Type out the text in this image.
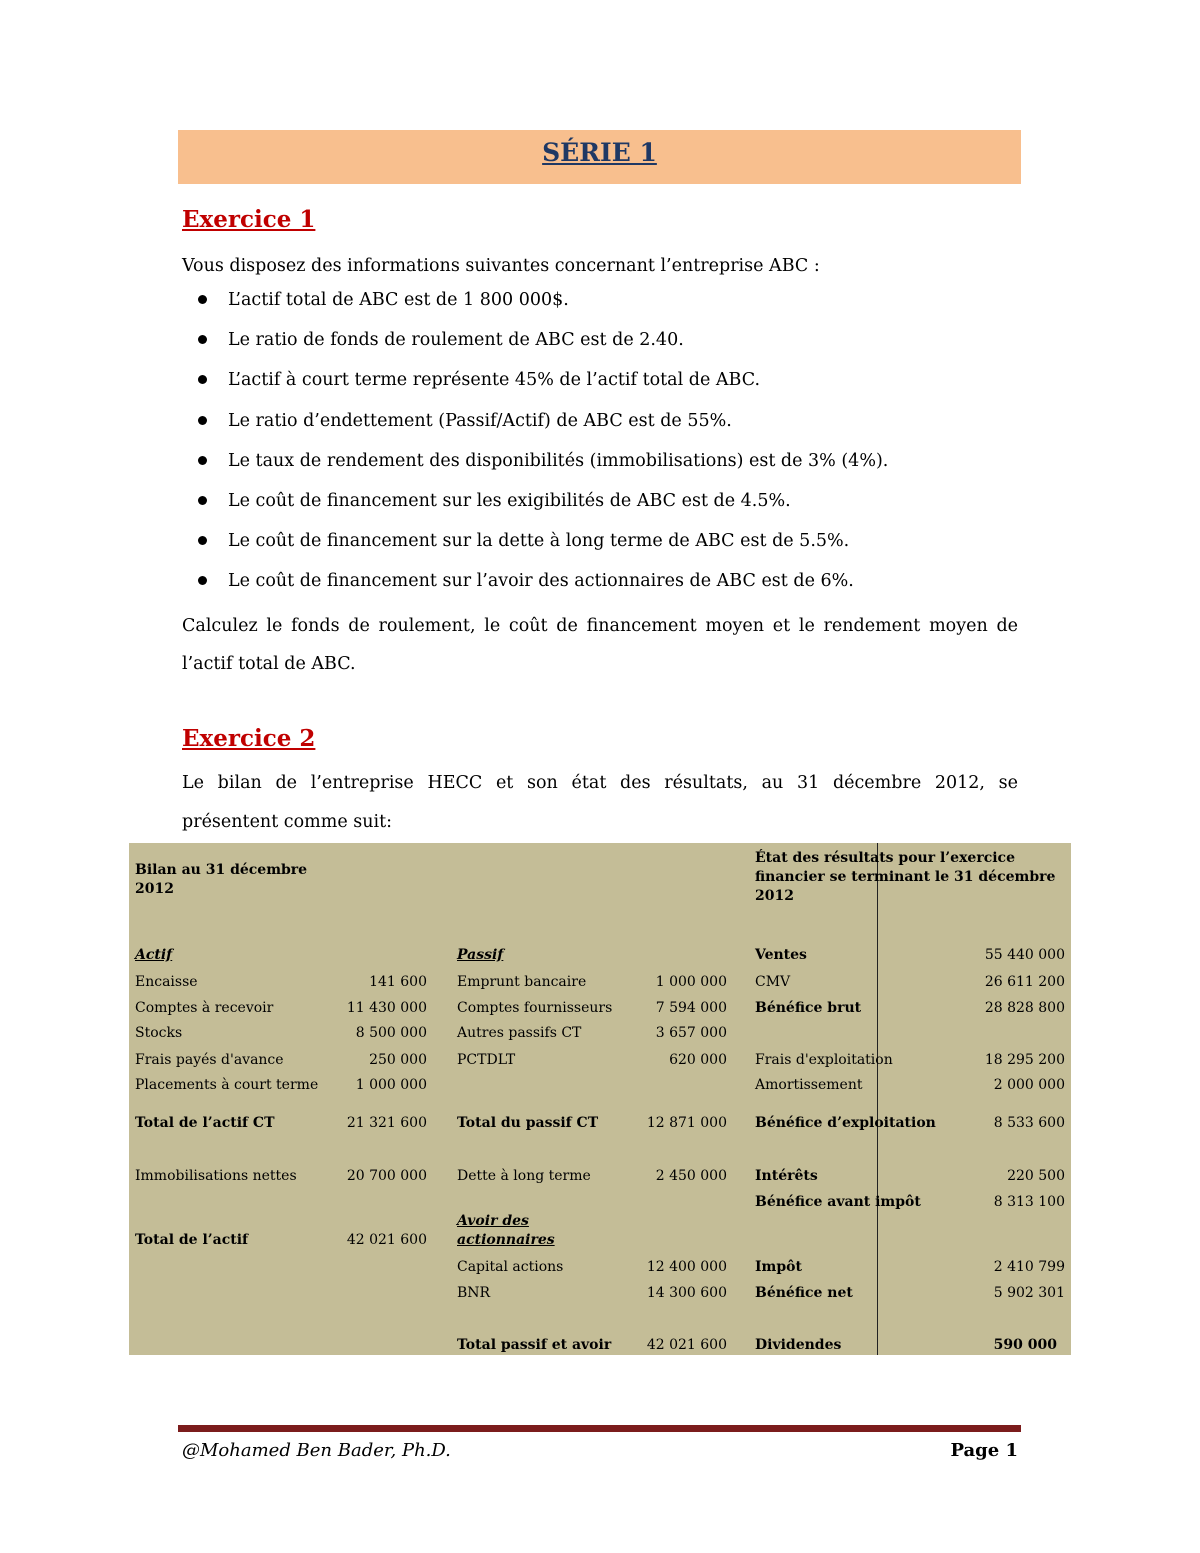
SÉRIE 1
Exercice 1
Vous disposez des informations suivantes concernant l’entreprise ABC :
L’actif total de ABC est de 1 800 000$.
Le ratio de fonds de roulement de ABC est de 2.40.
L’actif à court terme représente 45% de l’actif total de ABC.
Le ratio d’endettement (Passif/Actif) de ABC est de 55%.
Le taux de rendement des disponibilités (immobilisations) est de 3% (4%).
Le coût de financement sur les exigibilités de ABC est de 4.5%.
Le coût de financement sur la dette à long terme de ABC est de 5.5%.
Le coût de financement sur l’avoir des actionnaires de ABC est de 6%.
Calculez le fonds de roulement, le coût de financement moyen et le rendement moyen de
l’actif total de ABC.
Exercice 2
Le bilan de l’entreprise HECC et son état des résultats, au 31 décembre 2012, se
présentent comme suit:
Bilan au 31 décembre
2012
État des résultats pour l’exercice
financier se terminant le 31 décembre
2012
Actif
Encaisse	141 600
Comptes à recevoir	11 430 000
Stocks	8 500 000
Frais payés d'avance	250 000
Placements à court terme	1 000 000
Total de l’actif CT	21 321 600
Immobilisations nettes	20 700 000
Total de l’actif	42 021 600
Passif
Emprunt bancaire	1 000 000
Comptes fournisseurs	7 594 000
Autres passifs CT	3 657 000
PCTDLT	620 000
Total du passif CT	12 871 000
Dette à long terme	2 450 000
Avoir des
actionnaires
Capital actions	12 400 000
BNR	14 300 600
Total passif et avoir	42 021 600
Ventes	55 440 000
CMV	26 611 200
Bénéfice brut	28 828 800
Frais d'exploitation	18 295 200
Amortissement	2 000 000
Bénéfice d’exploitation	8 533 600
Intérêts	220 500
Bénéfice avant impôt	8 313 100
Impôt	2 410 799
Bénéfice net	5 902 301
Dividendes	590 000
@Mohamed Ben Bader, Ph.D.	Page 1
